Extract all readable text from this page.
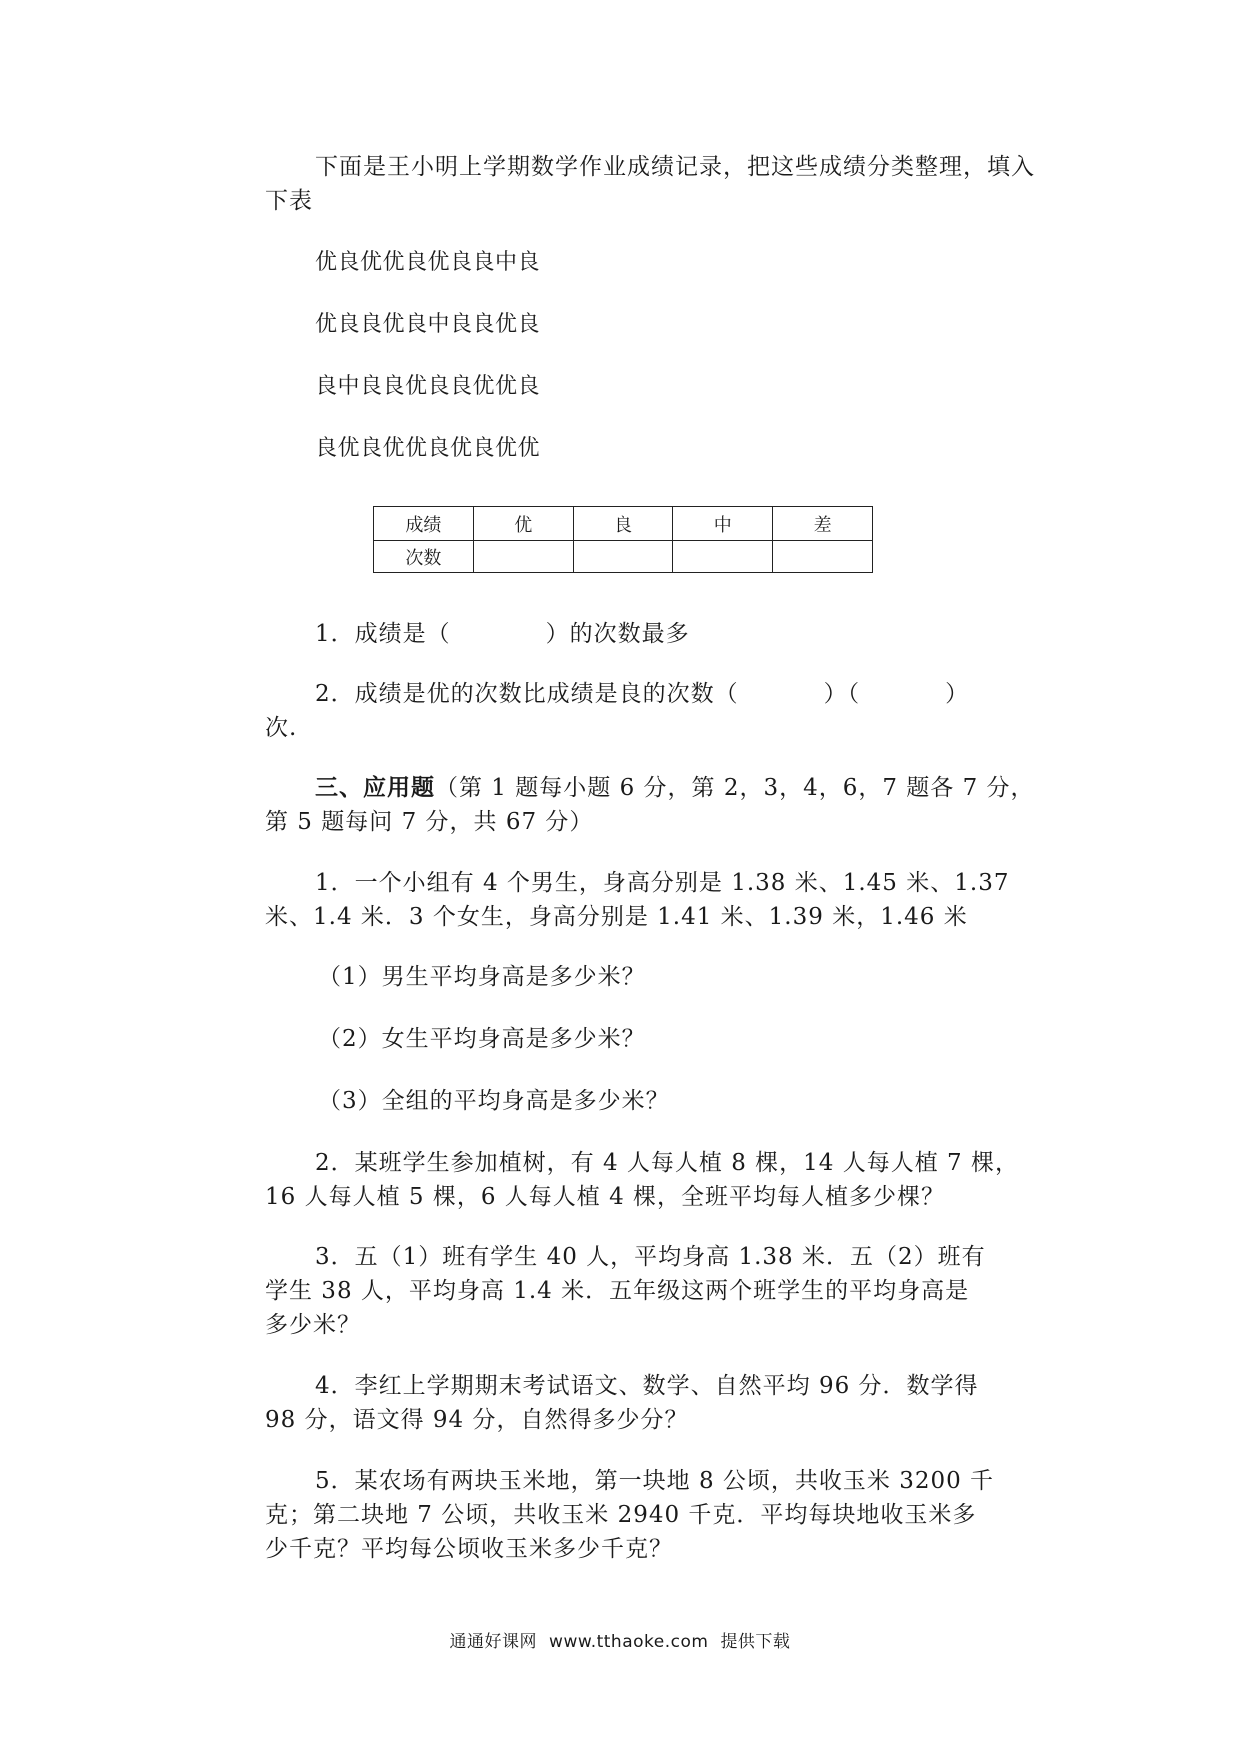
下面是王小明上学期数学作业成绩记录，把这些成绩分类整理，填入
下表
优良优优良优良良中良
优良良优良中良良优良
良中良良优良良优优良
良优良优优良优良优优
成绩	优	良	中	差
次数				
1．成绩是（	）的次数最多
2．成绩是优的次数比成绩是良的次数（	）（	）
次.
三、应用题（第 1 题每小题 6 分，第 2，3，4，6，7 题各 7 分，
第 5 题每问 7 分，共 67 分）
1．一个小组有 4 个男生，身高分别是 1.38 米、1.45 米、1.37
米、1.4 米．3 个女生，身高分别是 1.41 米、1.39 米，1.46 米
（1）男生平均身高是多少米？
（2）女生平均身高是多少米？
（3）全组的平均身高是多少米？
2．某班学生参加植树，有 4 人每人植 8 棵，14 人每人植 7 棵，
16 人每人植 5 棵，6 人每人植 4 棵，全班平均每人植多少棵？
3．五（1）班有学生 40 人，平均身高 1.38 米．五（2）班有
学生 38 人，平均身高 1.4 米．五年级这两个班学生的平均身高是
多少米？
4．李红上学期期末考试语文、数学、自然平均 96 分．数学得
98 分，语文得 94 分，自然得多少分？
5．某农场有两块玉米地，第一块地 8 公顷，共收玉米 3200 千
克；第二块地 7 公顷，共收玉米 2940 千克．平均每块地收玉米多
少千克？平均每公顷收玉米多少千克？
通通好课网 www.tthaoke.com 提供下载
